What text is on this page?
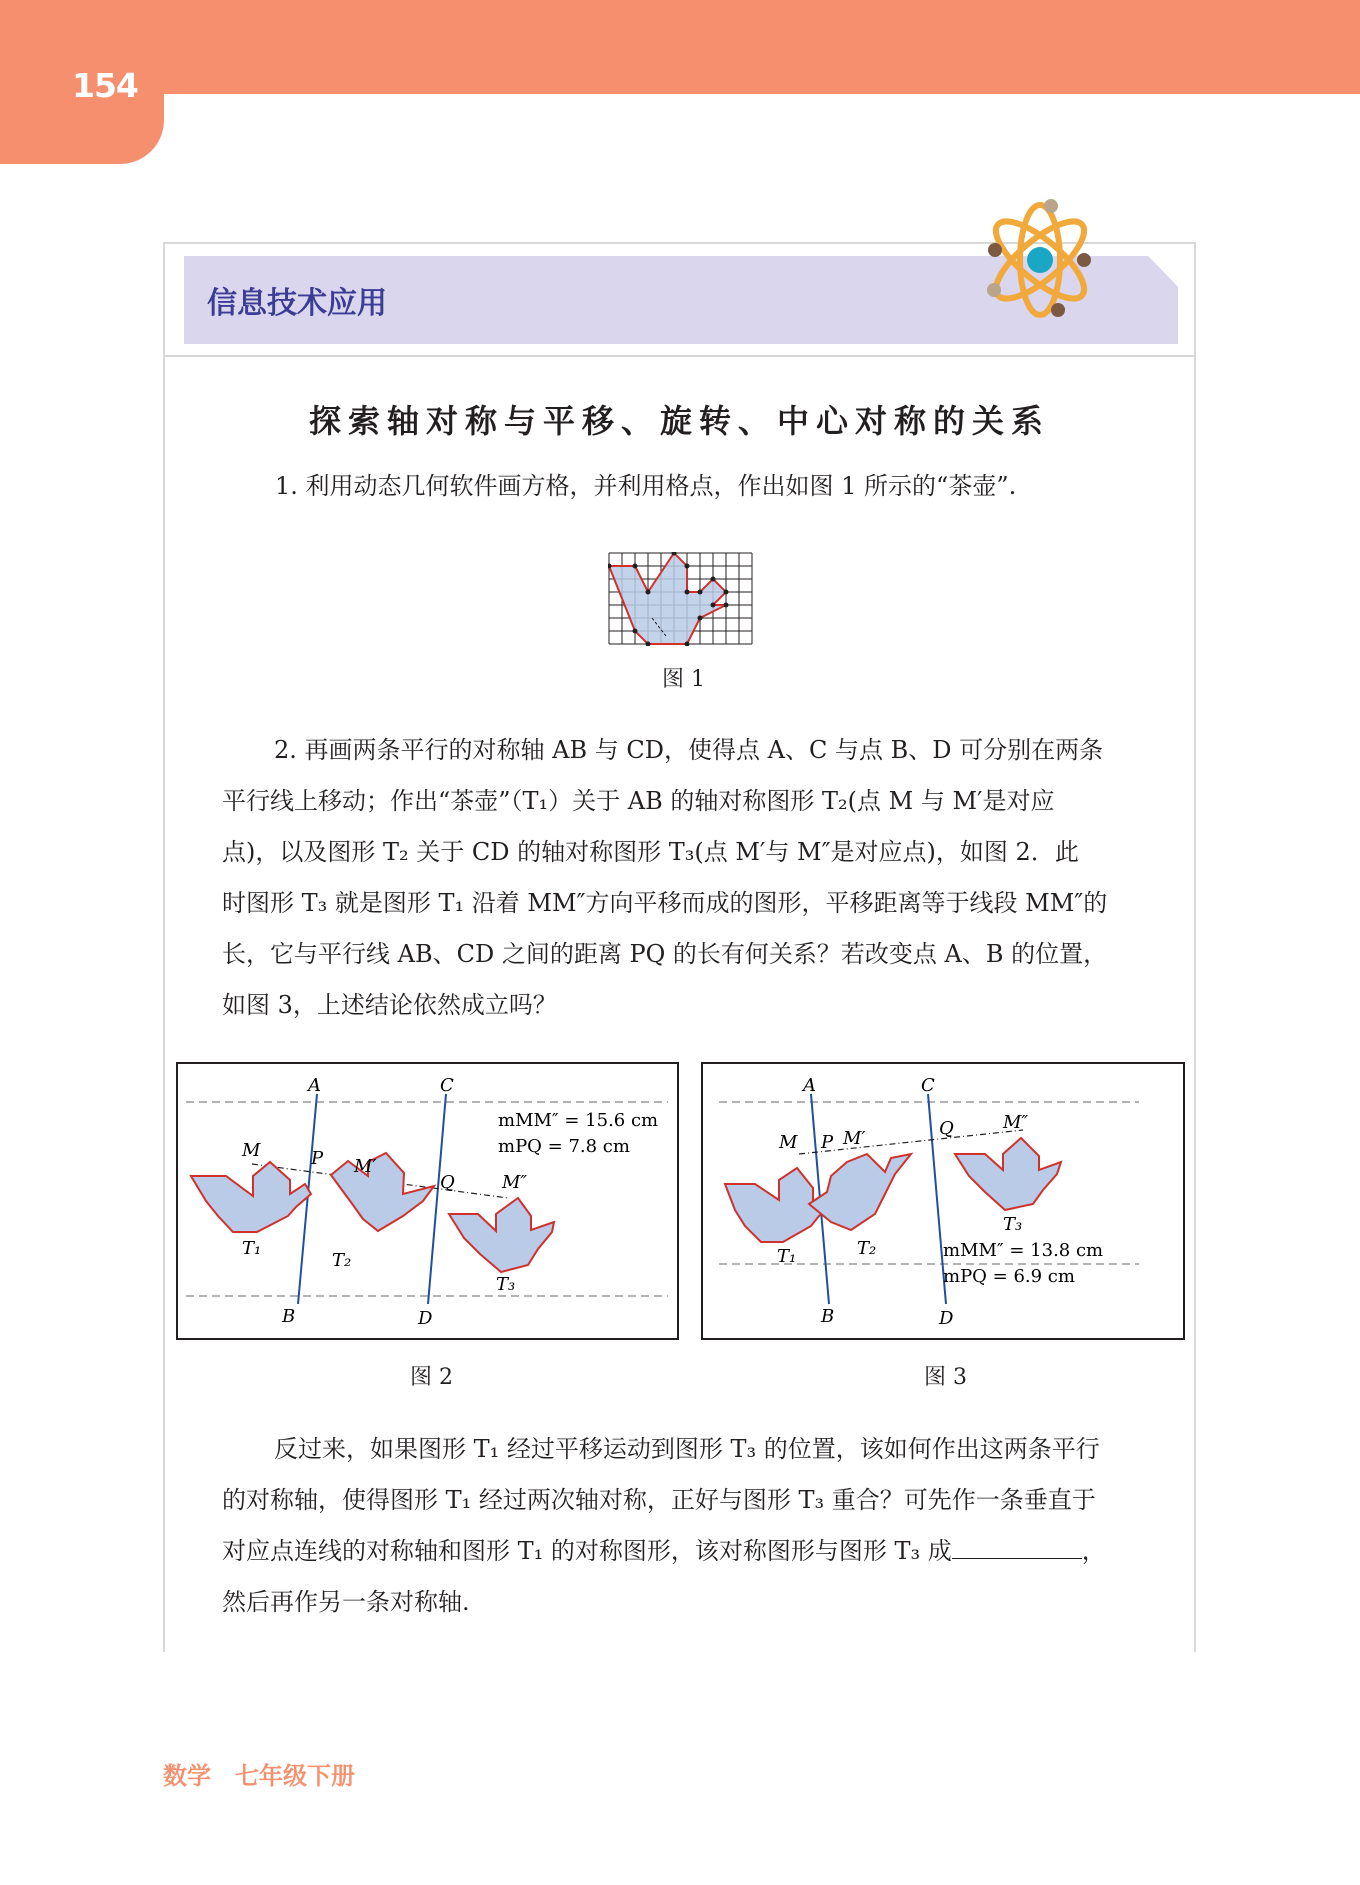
154
信息技术应用
探索轴对称与平移、旋转、中心对称的关系
1. 利用动态几何软件画方格，并利用格点，作出如图 1 所示的“茶壶”.
图 1
2. 再画两条平行的对称轴 AB 与 CD，使得点 A、C 与点 B、D 可分别在两条
平行线上移动；作出“茶壶”（T₁）关于 AB 的轴对称图形 T₂(点 M 与 M′是对应
点)，以及图形 T₂ 关于 CD 的轴对称图形 T₃(点 M′与 M″是对应点)，如图 2．此
时图形 T₃ 就是图形 T₁ 沿着 MM″方向平移而成的图形，平移距离等于线段 MM″的
长，它与平行线 AB、CD 之间的距离 PQ 的长有何关系？若改变点 A、B 的位置，
如图 3，上述结论依然成立吗？
A	C
B	D
M	P M′
Q	M″
T₁
T₂
T₃
mMM″ = 15.6 cm
mPQ = 7.8 cm
图 2
A	C
B	D
M P M′	Q	M″
T₁	T₂
T₃
mMM″ = 13.8 cm
mPQ = 6.9 cm
图 3
反过来，如果图形 T₁ 经过平移运动到图形 T₃ 的位置，该如何作出这两条平行
的对称轴，使得图形 T₁ 经过两次轴对称，正好与图形 T₃ 重合？可先作一条垂直于
对应点连线的对称轴和图形 T₁ 的对称图形，该对称图形与图形 T₃ 成	，
然后再作另一条对称轴.
数学　七年级下册
